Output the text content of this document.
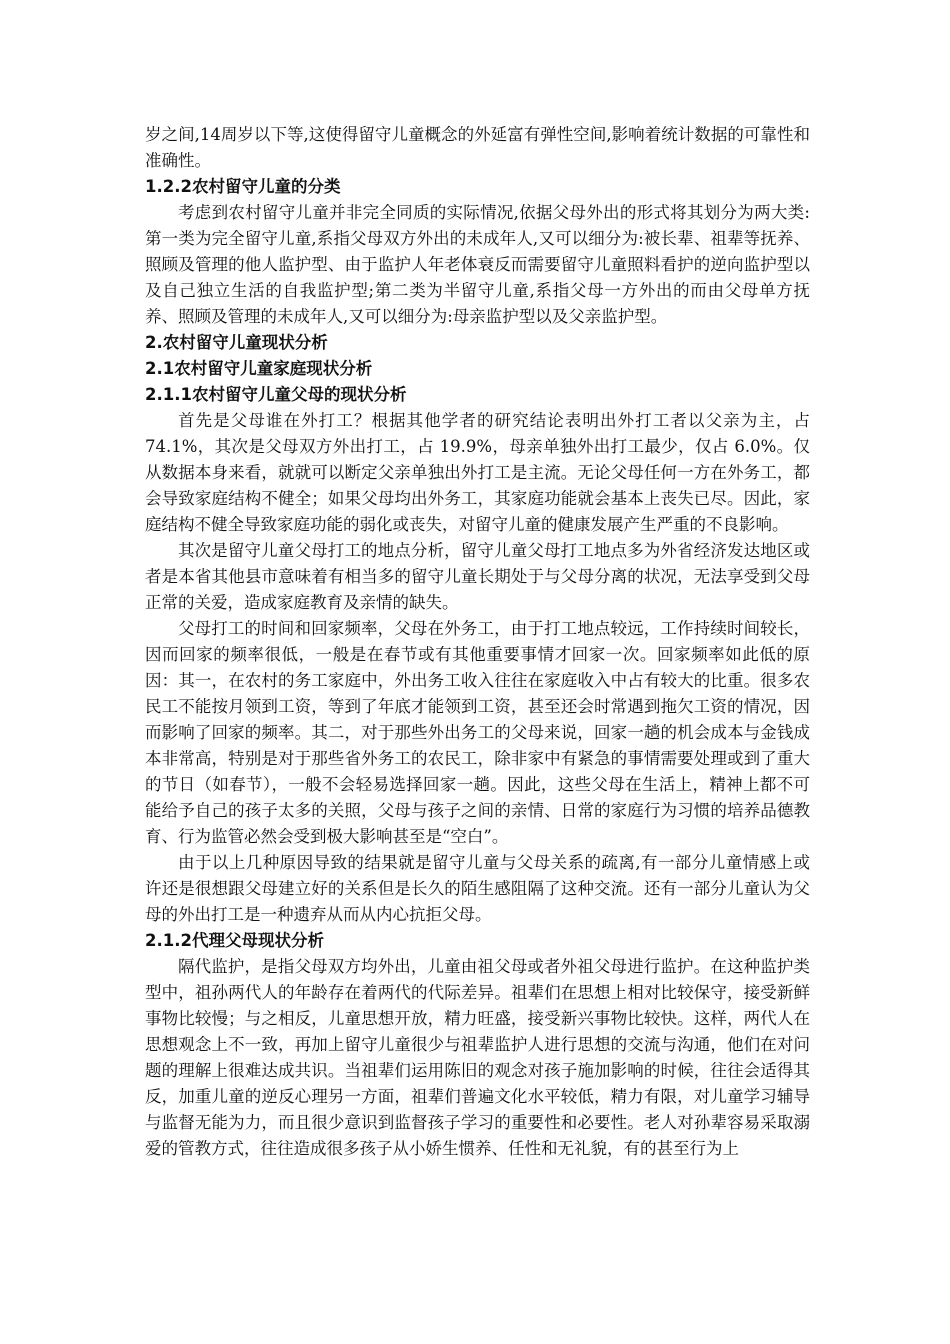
岁之间,14周岁以下等,这使得留守儿童概念的外延富有弹性空间,影响着统计数据的可靠性和准确性。

1.2.2农村留守儿童的分类

考虑到农村留守儿童并非完全同质的实际情况,依据父母外出的形式将其划分为两大类:第一类为完全留守儿童,系指父母双方外出的未成年人,又可以细分为:被长辈、祖辈等抚养、照顾及管理的他人监护型、由于监护人年老体衰反而需要留守儿童照料看护的逆向监护型以及自己独立生活的自我监护型;第二类为半留守儿童,系指父母一方外出的而由父母单方抚养、照顾及管理的未成年人,又可以细分为:母亲监护型以及父亲监护型。

2.农村留守儿童现状分析

2.1农村留守儿童家庭现状分析

2.1.1农村留守儿童父母的现状分析

首先是父母谁在外打工？根据其他学者的研究结论表明出外打工者以父亲为主，占 74.1%，其次是父母双方外出打工，占 19.9%，母亲单独外出打工最少，仅占 6.0%。仅从数据本身来看，就就可以断定父亲单独出外打工是主流。无论父母任何一方在外务工，都会导致家庭结构不健全；如果父母均出外务工，其家庭功能就会基本上丧失已尽。因此，家庭结构不健全导致家庭功能的弱化或丧失，对留守儿童的健康发展产生严重的不良影响。

其次是留守儿童父母打工的地点分析，留守儿童父母打工地点多为外省经济发达地区或者是本省其他县市意味着有相当多的留守儿童长期处于与父母分离的状况，无法享受到父母正常的关爱，造成家庭教育及亲情的缺失。

父母打工的时间和回家频率，父母在外务工，由于打工地点较远，工作持续时间较长，因而回家的频率很低，一般是在春节或有其他重要事情才回家一次。回家频率如此低的原因：其一，在农村的务工家庭中，外出务工收入往往在家庭收入中占有较大的比重。很多农民工不能按月领到工资，等到了年底才能领到工资，甚至还会时常遇到拖欠工资的情况，因而影响了回家的频率。其二，对于那些外出务工的父母来说，回家一趟的机会成本与金钱成本非常高，特别是对于那些省外务工的农民工，除非家中有紧急的事情需要处理或到了重大的节日（如春节），一般不会轻易选择回家一趟。因此，这些父母在生活上，精神上都不可能给予自己的孩子太多的关照，父母与孩子之间的亲情、日常的家庭行为习惯的培养品德教育、行为监管必然会受到极大影响甚至是“空白”。

由于以上几种原因导致的结果就是留守儿童与父母关系的疏离,有一部分儿童情感上或许还是很想跟父母建立好的关系但是长久的陌生感阻隔了这种交流。还有一部分儿童认为父母的外出打工是一种遗弃从而从内心抗拒父母。

2.1.2代理父母现状分析

隔代监护，是指父母双方均外出，儿童由祖父母或者外祖父母进行监护。在这种监护类型中，祖孙两代人的年龄存在着两代的代际差异。祖辈们在思想上相对比较保守，接受新鲜事物比较慢；与之相反，儿童思想开放，精力旺盛，接受新兴事物比较快。这样，两代人在思想观念上不一致，再加上留守儿童很少与祖辈监护人进行思想的交流与沟通，他们在对问题的理解上很难达成共识。当祖辈们运用陈旧的观念对孩子施加影响的时候，往往会适得其反，加重儿童的逆反心理另一方面，祖辈们普遍文化水平较低，精力有限，对儿童学习辅导与监督无能为力，而且很少意识到监督孩子学习的重要性和必要性。老人对孙辈容易采取溺爱的管教方式，往往造成很多孩子从小娇生惯养、任性和无礼貌，有的甚至行为上
